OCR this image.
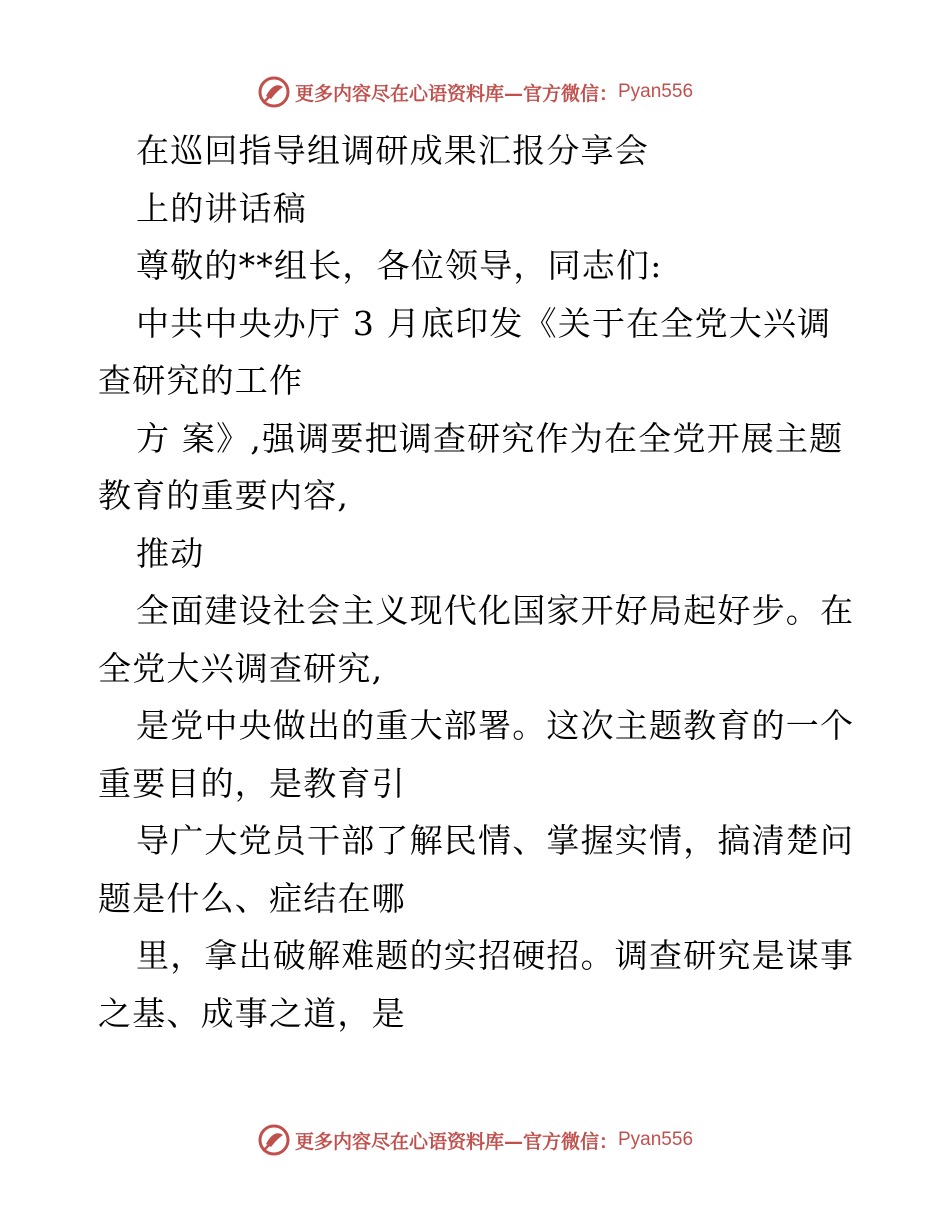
更多内容尽在心语资料库—官方微信： Pyan556
在巡回指导组调研成果汇报分享会
上的讲话稿
尊敬的**组长，各位领导，同志们:
中共中央办厅 3 月底印发《关于在全党大兴调
查研究的工作
方 案》,强调要把调查研究作为在全党开展主题
教育的重要内容,
推动
全面建设社会主义现代化国家开好局起好步。在
全党大兴调查研究,
是党中央做出的重大部署。这次主题教育的一个
重要目的，是教育引
导广大党员干部了解民情、掌握实情，搞清楚问
题是什么、症结在哪
里，拿出破解难题的实招硬招。调查研究是谋事
之基、成事之道，是
更多内容尽在心语资料库—官方微信： Pyan556
